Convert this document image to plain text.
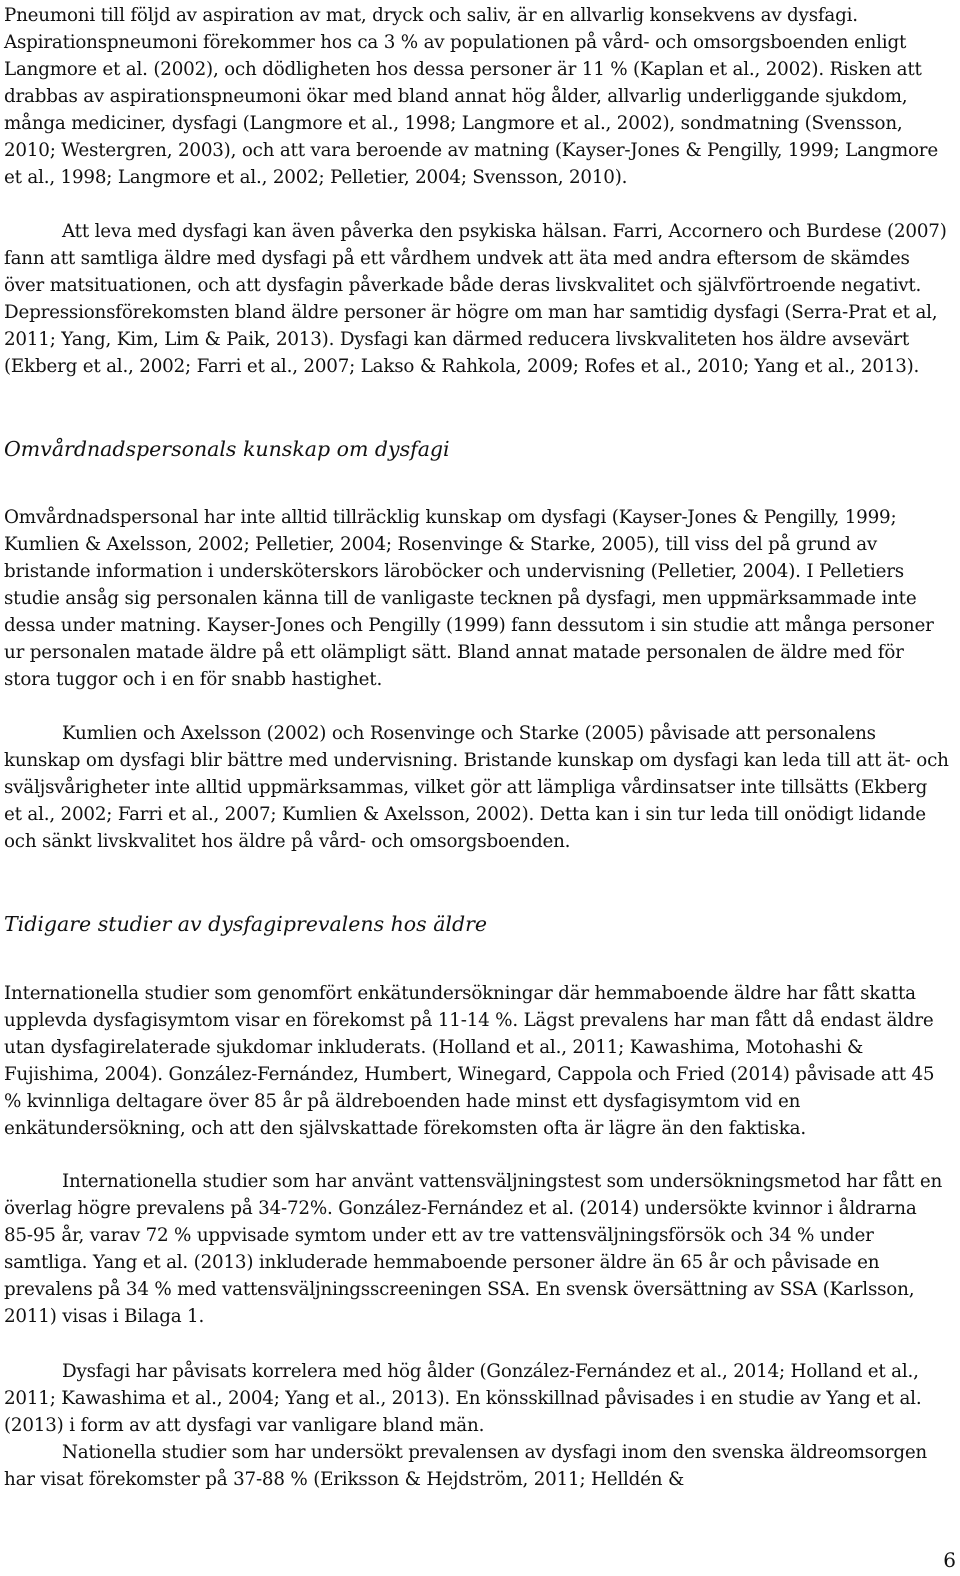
Pneumoni till följd av aspiration av mat, dryck och saliv, är en allvarlig konsekvens av dysfagi. Aspirationspneumoni förekommer hos ca 3 % av populationen på vård- och omsorgsboenden enligt Langmore et al. (2002), och dödligheten hos dessa personer är 11 % (Kaplan et al., 2002). Risken att drabbas av aspirationspneumoni ökar med bland annat hög ålder, allvarlig underliggande sjukdom, många mediciner, dysfagi (Langmore et al., 1998; Langmore et al., 2002), sondmatning (Svensson, 2010; Westergren, 2003), och att vara beroende av matning (Kayser-Jones & Pengilly, 1999; Langmore et al., 1998; Langmore et al., 2002; Pelletier, 2004; Svensson, 2010).

Att leva med dysfagi kan även påverka den psykiska hälsan. Farri, Accornero och Burdese (2007) fann att samtliga äldre med dysfagi på ett vårdhem undvek att äta med andra eftersom de skämdes över matsituationen, och att dysfagin påverkade både deras livskvalitet och självförtroende negativt. Depressionsförekomsten bland äldre personer är högre om man har samtidig dysfagi (Serra-Prat et al, 2011; Yang, Kim, Lim & Paik, 2013). Dysfagi kan därmed reducera livskvaliteten hos äldre avsevärt (Ekberg et al., 2002; Farri et al., 2007; Lakso & Rahkola, 2009; Rofes et al., 2010; Yang et al., 2013).

Omvårdnadspersonals kunskap om dysfagi

Omvårdnadspersonal har inte alltid tillräcklig kunskap om dysfagi (Kayser-Jones & Pengilly, 1999; Kumlien & Axelsson, 2002; Pelletier, 2004; Rosenvinge & Starke, 2005), till viss del på grund av bristande information i undersköterskors läroböcker och undervisning (Pelletier, 2004). I Pelletiers studie ansåg sig personalen känna till de vanligaste tecknen på dysfagi, men uppmärksammade inte dessa under matning. Kayser-Jones och Pengilly (1999) fann dessutom i sin studie att många personer ur personalen matade äldre på ett olämpligt sätt. Bland annat matade personalen de äldre med för stora tuggor och i en för snabb hastighet.

Kumlien och Axelsson (2002) och Rosenvinge och Starke (2005) påvisade att personalens kunskap om dysfagi blir bättre med undervisning. Bristande kunskap om dysfagi kan leda till att ät- och sväljsvårigheter inte alltid uppmärksammas, vilket gör att lämpliga vårdinsatser inte tillsätts (Ekberg et al., 2002; Farri et al., 2007; Kumlien & Axelsson, 2002). Detta kan i sin tur leda till onödigt lidande och sänkt livskvalitet hos äldre på vård- och omsorgsboenden.

Tidigare studier av dysfagiprevalens hos äldre

Internationella studier som genomfört enkätundersökningar där hemmaboende äldre har fått skatta upplevda dysfagisymtom visar en förekomst på 11-14 %. Lägst prevalens har man fått då endast äldre utan dysfagirelaterade sjukdomar inkluderats. (Holland et al., 2011; Kawashima, Motohashi & Fujishima, 2004). González-Fernández, Humbert, Winegard, Cappola och Fried (2014) påvisade att 45 % kvinnliga deltagare över 85 år på äldreboenden hade minst ett dysfagisymtom vid en enkätundersökning, och att den självskattade förekomsten ofta är lägre än den faktiska.

Internationella studier som har använt vattensväljningstest som undersökningsmetod har fått en överlag högre prevalens på 34-72%. González-Fernández et al. (2014) undersökte kvinnor i åldrarna 85-95 år, varav 72 % uppvisade symtom under ett av tre vattensväljningsförsök och 34 % under samtliga. Yang et al. (2013) inkluderade hemmaboende personer äldre än 65 år och påvisade en prevalens på 34 % med vattensväljningsscreeningen SSA. En svensk översättning av SSA (Karlsson, 2011) visas i Bilaga 1.

Dysfagi har påvisats korrelera med hög ålder (González-Fernández et al., 2014; Holland et al., 2011; Kawashima et al., 2004; Yang et al., 2013). En könsskillnad påvisades i en studie av Yang et al. (2013) i form av att dysfagi var vanligare bland män.

Nationella studier som har undersökt prevalensen av dysfagi inom den svenska äldreomsorgen har visat förekomster på 37-88 % (Eriksson & Hejdström, 2011; Helldén &

6
